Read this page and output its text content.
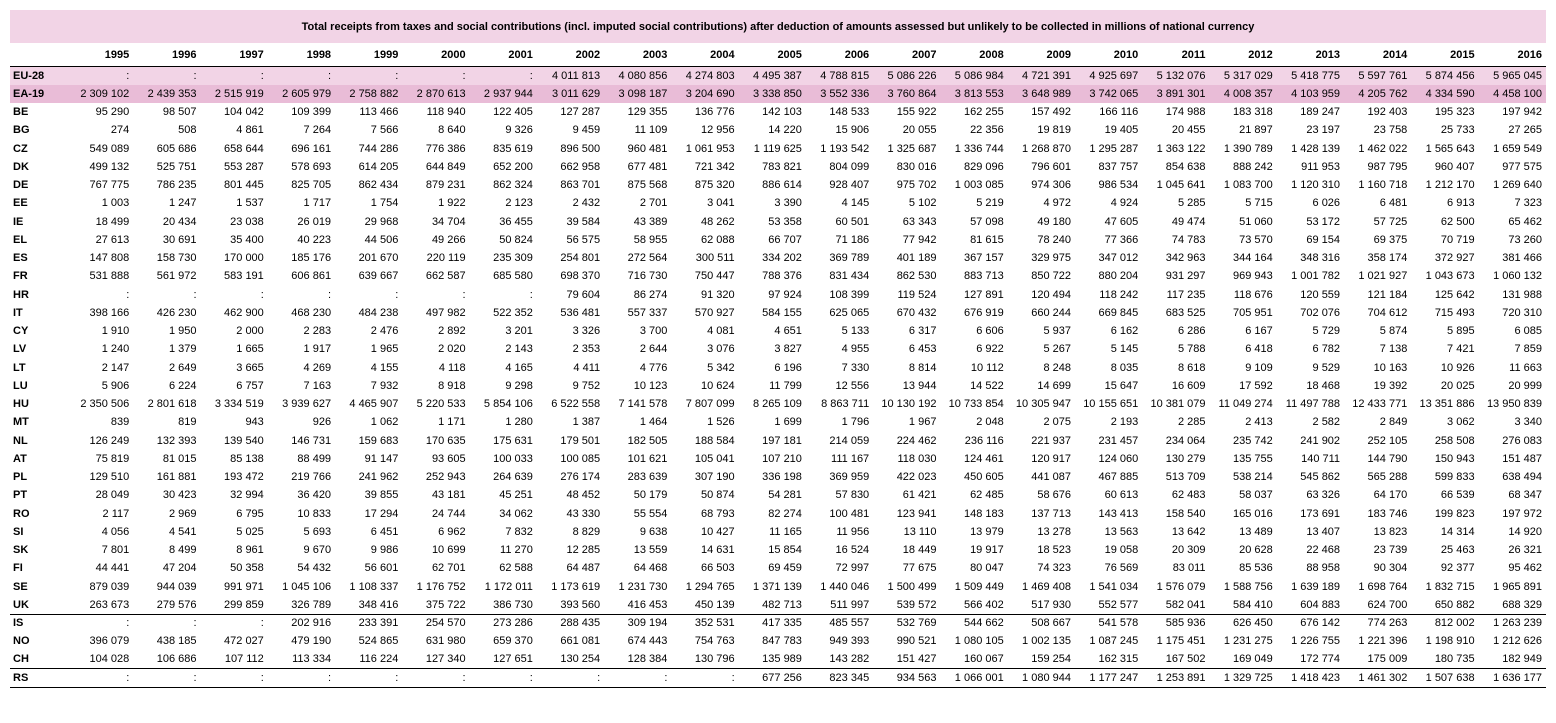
Total receipts from taxes and social contributions (incl. imputed social contributions) after deduction of amounts assessed but unlikely to be collected in millions of national currency																						
	1995	1996	1997	1998	1999	2000	2001	2002	2003	2004	2005	2006	2007	2008	2009	2010	2011	2012	2013	2014	2015	2016
EU-28	:	:	:	:	:	:	:	4 011 813	4 080 856	4 274 803	4 495 387	4 788 815	5 086 226	5 086 984	4 721 391	4 925 697	5 132 076	5 317 029	5 418 775	5 597 761	5 874 456	5 965 045
EA-19	2 309 102	2 439 353	2 515 919	2 605 979	2 758 882	2 870 613	2 937 944	3 011 629	3 098 187	3 204 690	3 338 850	3 552 336	3 760 864	3 813 553	3 648 989	3 742 065	3 891 301	4 008 357	4 103 959	4 205 762	4 334 590	4 458 100
BE	95 290	98 507	104 042	109 399	113 466	118 940	122 405	127 287	129 355	136 776	142 103	148 533	155 922	162 255	157 492	166 116	174 988	183 318	189 247	192 403	195 323	197 942
BG	274	508	4 861	7 264	7 566	8 640	9 326	9 459	11 109	12 956	14 220	15 906	20 055	22 356	19 819	19 405	20 455	21 897	23 197	23 758	25 733	27 265
CZ	549 089	605 686	658 644	696 161	744 286	776 386	835 619	896 500	960 481	1 061 953	1 119 625	1 193 542	1 325 687	1 336 744	1 268 870	1 295 287	1 363 122	1 390 789	1 428 139	1 462 022	1 565 643	1 659 549
DK	499 132	525 751	553 287	578 693	614 205	644 849	652 200	662 958	677 481	721 342	783 821	804 099	830 016	829 096	796 601	837 757	854 638	888 242	911 953	987 795	960 407	977 575
DE	767 775	786 235	801 445	825 705	862 434	879 231	862 324	863 701	875 568	875 320	886 614	928 407	975 702	1 003 085	974 306	986 534	1 045 641	1 083 700	1 120 310	1 160 718	1 212 170	1 269 640
EE	1 003	1 247	1 537	1 717	1 754	1 922	2 123	2 432	2 701	3 041	3 390	4 145	5 102	5 219	4 972	4 924	5 285	5 715	6 026	6 481	6 913	7 323
IE	18 499	20 434	23 038	26 019	29 968	34 704	36 455	39 584	43 389	48 262	53 358	60 501	63 343	57 098	49 180	47 605	49 474	51 060	53 172	57 725	62 500	65 462
EL	27 613	30 691	35 400	40 223	44 506	49 266	50 824	56 575	58 955	62 088	66 707	71 186	77 942	81 615	78 240	77 366	74 783	73 570	69 154	69 375	70 719	73 260
ES	147 808	158 730	170 000	185 176	201 670	220 119	235 309	254 801	272 564	300 511	334 202	369 789	401 189	367 157	329 975	347 012	342 963	344 164	348 316	358 174	372 927	381 466
FR	531 888	561 972	583 191	606 861	639 667	662 587	685 580	698 370	716 730	750 447	788 376	831 434	862 530	883 713	850 722	880 204	931 297	969 943	1 001 782	1 021 927	1 043 673	1 060 132
HR	:	:	:	:	:	:	:	79 604	86 274	91 320	97 924	108 399	119 524	127 891	120 494	118 242	117 235	118 676	120 559	121 184	125 642	131 988
IT	398 166	426 230	462 900	468 230	484 238	497 982	522 352	536 481	557 337	570 927	584 155	625 065	670 432	676 919	660 244	669 845	683 525	705 951	702 076	704 612	715 493	720 310
CY	1 910	1 950	2 000	2 283	2 476	2 892	3 201	3 326	3 700	4 081	4 651	5 133	6 317	6 606	5 937	6 162	6 286	6 167	5 729	5 874	5 895	6 085
LV	1 240	1 379	1 665	1 917	1 965	2 020	2 143	2 353	2 644	3 076	3 827	4 955	6 453	6 922	5 267	5 145	5 788	6 418	6 782	7 138	7 421	7 859
LT	2 147	2 649	3 665	4 269	4 155	4 118	4 165	4 411	4 776	5 342	6 196	7 330	8 814	10 112	8 248	8 035	8 618	9 109	9 529	10 163	10 926	11 663
LU	5 906	6 224	6 757	7 163	7 932	8 918	9 298	9 752	10 123	10 624	11 799	12 556	13 944	14 522	14 699	15 647	16 609	17 592	18 468	19 392	20 025	20 999
HU	2 350 506	2 801 618	3 334 519	3 939 627	4 465 907	5 220 533	5 854 106	6 522 558	7 141 578	7 807 099	8 265 109	8 863 711	10 130 192	10 733 854	10 305 947	10 155 651	10 381 079	11 049 274	11 497 788	12 433 771	13 351 886	13 950 839
MT	839	819	943	926	1 062	1 171	1 280	1 387	1 464	1 526	1 699	1 796	1 967	2 048	2 075	2 193	2 285	2 413	2 582	2 849	3 062	3 340
NL	126 249	132 393	139 540	146 731	159 683	170 635	175 631	179 501	182 505	188 584	197 181	214 059	224 462	236 116	221 937	231 457	234 064	235 742	241 902	252 105	258 508	276 083
AT	75 819	81 015	85 138	88 499	91 147	93 605	100 033	100 085	101 621	105 041	107 210	111 167	118 030	124 461	120 917	124 060	130 279	135 755	140 711	144 790	150 943	151 487
PL	129 510	161 881	193 472	219 766	241 962	252 943	264 639	276 174	283 639	307 190	336 198	369 959	422 023	450 605	441 087	467 885	513 709	538 214	545 862	565 288	599 833	638 494
PT	28 049	30 423	32 994	36 420	39 855	43 181	45 251	48 452	50 179	50 874	54 281	57 830	61 421	62 485	58 676	60 613	62 483	58 037	63 326	64 170	66 539	68 347
RO	2 117	2 969	6 795	10 833	17 294	24 744	34 062	43 330	55 554	68 793	82 274	100 481	123 941	148 183	137 713	143 413	158 540	165 016	173 691	183 746	199 823	197 972
SI	4 056	4 541	5 025	5 693	6 451	6 962	7 832	8 829	9 638	10 427	11 165	11 956	13 110	13 979	13 278	13 563	13 642	13 489	13 407	13 823	14 314	14 920
SK	7 801	8 499	8 961	9 670	9 986	10 699	11 270	12 285	13 559	14 631	15 854	16 524	18 449	19 917	18 523	19 058	20 309	20 628	22 468	23 739	25 463	26 321
FI	44 441	47 204	50 358	54 432	56 601	62 701	62 588	64 487	64 468	66 503	69 459	72 997	77 675	80 047	74 323	76 569	83 011	85 536	88 958	90 304	92 377	95 462
SE	879 039	944 039	991 971	1 045 106	1 108 337	1 176 752	1 172 011	1 173 619	1 231 730	1 294 765	1 371 139	1 440 046	1 500 499	1 509 449	1 469 408	1 541 034	1 576 079	1 588 756	1 639 189	1 698 764	1 832 715	1 965 891
UK	263 673	279 576	299 859	326 789	348 416	375 722	386 730	393 560	416 453	450 139	482 713	511 997	539 572	566 402	517 930	552 577	582 041	584 410	604 883	624 700	650 882	688 329
IS	:	:	:	202 916	233 391	254 570	273 286	288 435	309 194	352 531	417 335	485 557	532 769	544 662	508 667	541 578	585 936	626 450	676 142	774 263	812 002	1 263 239
NO	396 079	438 185	472 027	479 190	524 865	631 980	659 370	661 081	674 443	754 763	847 783	949 393	990 521	1 080 105	1 002 135	1 087 245	1 175 451	1 231 275	1 226 755	1 221 396	1 198 910	1 212 626
CH	104 028	106 686	107 112	113 334	116 224	127 340	127 651	130 254	128 384	130 796	135 989	143 282	151 427	160 067	159 254	162 315	167 502	169 049	172 774	175 009	180 735	182 949
RS	:	:	:	:	:	:	:	:	:	:	677 256	823 345	934 563	1 066 001	1 080 944	1 177 247	1 253 891	1 329 725	1 418 423	1 461 302	1 507 638	1 636 177
